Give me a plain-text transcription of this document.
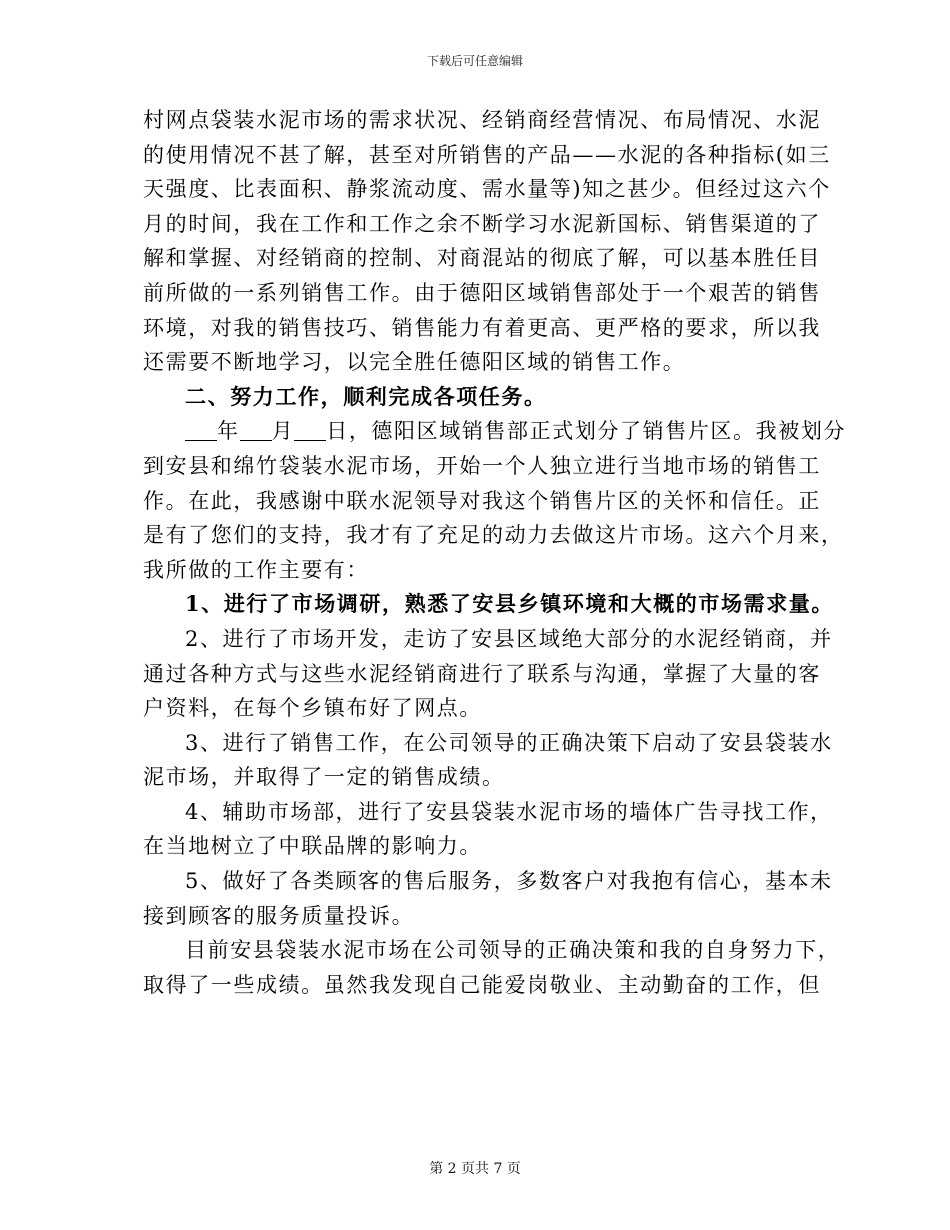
下载后可任意编辑
村网点袋装水泥市场的需求状况、经销商经营情况、布局情况、水泥
的使用情况不甚了解，甚至对所销售的产品——水泥的各种指标(如三
天强度、比表面积、静浆流动度、需水量等)知之甚少。但经过这六个
月的时间，我在工作和工作之余不断学习水泥新国标、销售渠道的了
解和掌握、对经销商的控制、对商混站的彻底了解，可以基本胜任目
前所做的一系列销售工作。由于德阳区域销售部处于一个艰苦的销售
环境，对我的销售技巧、销售能力有着更高、更严格的要求，所以我
还需要不断地学习，以完全胜任德阳区域的销售工作。
二、努力工作，顺利完成各项任务。
年 月 日，德阳区域销售部正式划分了销售片区。我被划分
到安县和绵竹袋装水泥市场，开始一个人独立进行当地市场的销售工
作。在此，我感谢中联水泥领导对我这个销售片区的关怀和信任。正
是有了您们的支持，我才有了充足的动力去做这片市场。这六个月来，
我所做的工作主要有：
1、进行了市场调研，熟悉了安县乡镇环境和大概的市场需求量。
2、进行了市场开发，走访了安县区域绝大部分的水泥经销商，并
通过各种方式与这些水泥经销商进行了联系与沟通，掌握了大量的客
户资料，在每个乡镇布好了网点。
3、进行了销售工作，在公司领导的正确决策下启动了安县袋装水
泥市场，并取得了一定的销售成绩。
4、辅助市场部，进行了安县袋装水泥市场的墙体广告寻找工作，
在当地树立了中联品牌的影响力。
5、做好了各类顾客的售后服务，多数客户对我抱有信心，基本未
接到顾客的服务质量投诉。
目前安县袋装水泥市场在公司领导的正确决策和我的自身努力下，
取得了一些成绩。虽然我发现自己能爱岗敬业、主动勤奋的工作，但
第 2 页共 7 页
